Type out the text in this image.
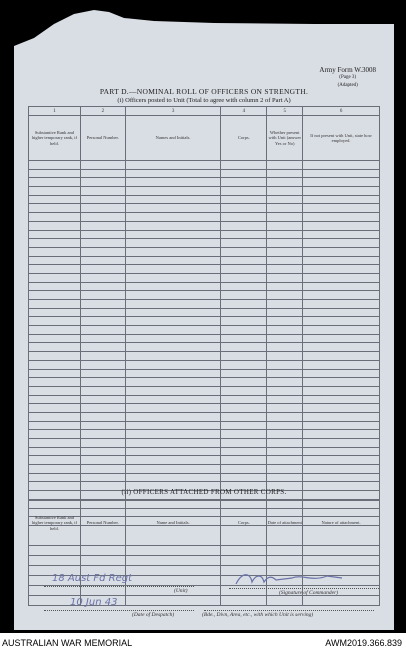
Army Form W.3008
(Page 3)
(Adapted)
PART D.—NOMINAL ROLL OF OFFICERS ON STRENGTH.
(i) Officers posted to Unit (Total to agree with column 2 of Part A)
1	2	3	4	5	6
Substantive Rank and higher temporary rank, if held.	Personal Number.	Names and Initials.	Corps.	Whether present with Unit (answer Yes or No)	If not present with Unit, state how employed.

(ii) OFFICERS ATTACHED FROM OTHER CORPS.
Substantive Rank and higher temporary rank, if held.	Personal Number.	Name and Initials.	Corps.	Date of attachment	Nature of attachment.

18 Aust Fd Regt
(Unit)	(Signature of Commander)
10 Jun 43
(Date of Despatch)	(Bde., Divn, Area, etc., with which Unit is serving)
AUSTRALIAN WAR MEMORIAL	AWM2019.366.839
